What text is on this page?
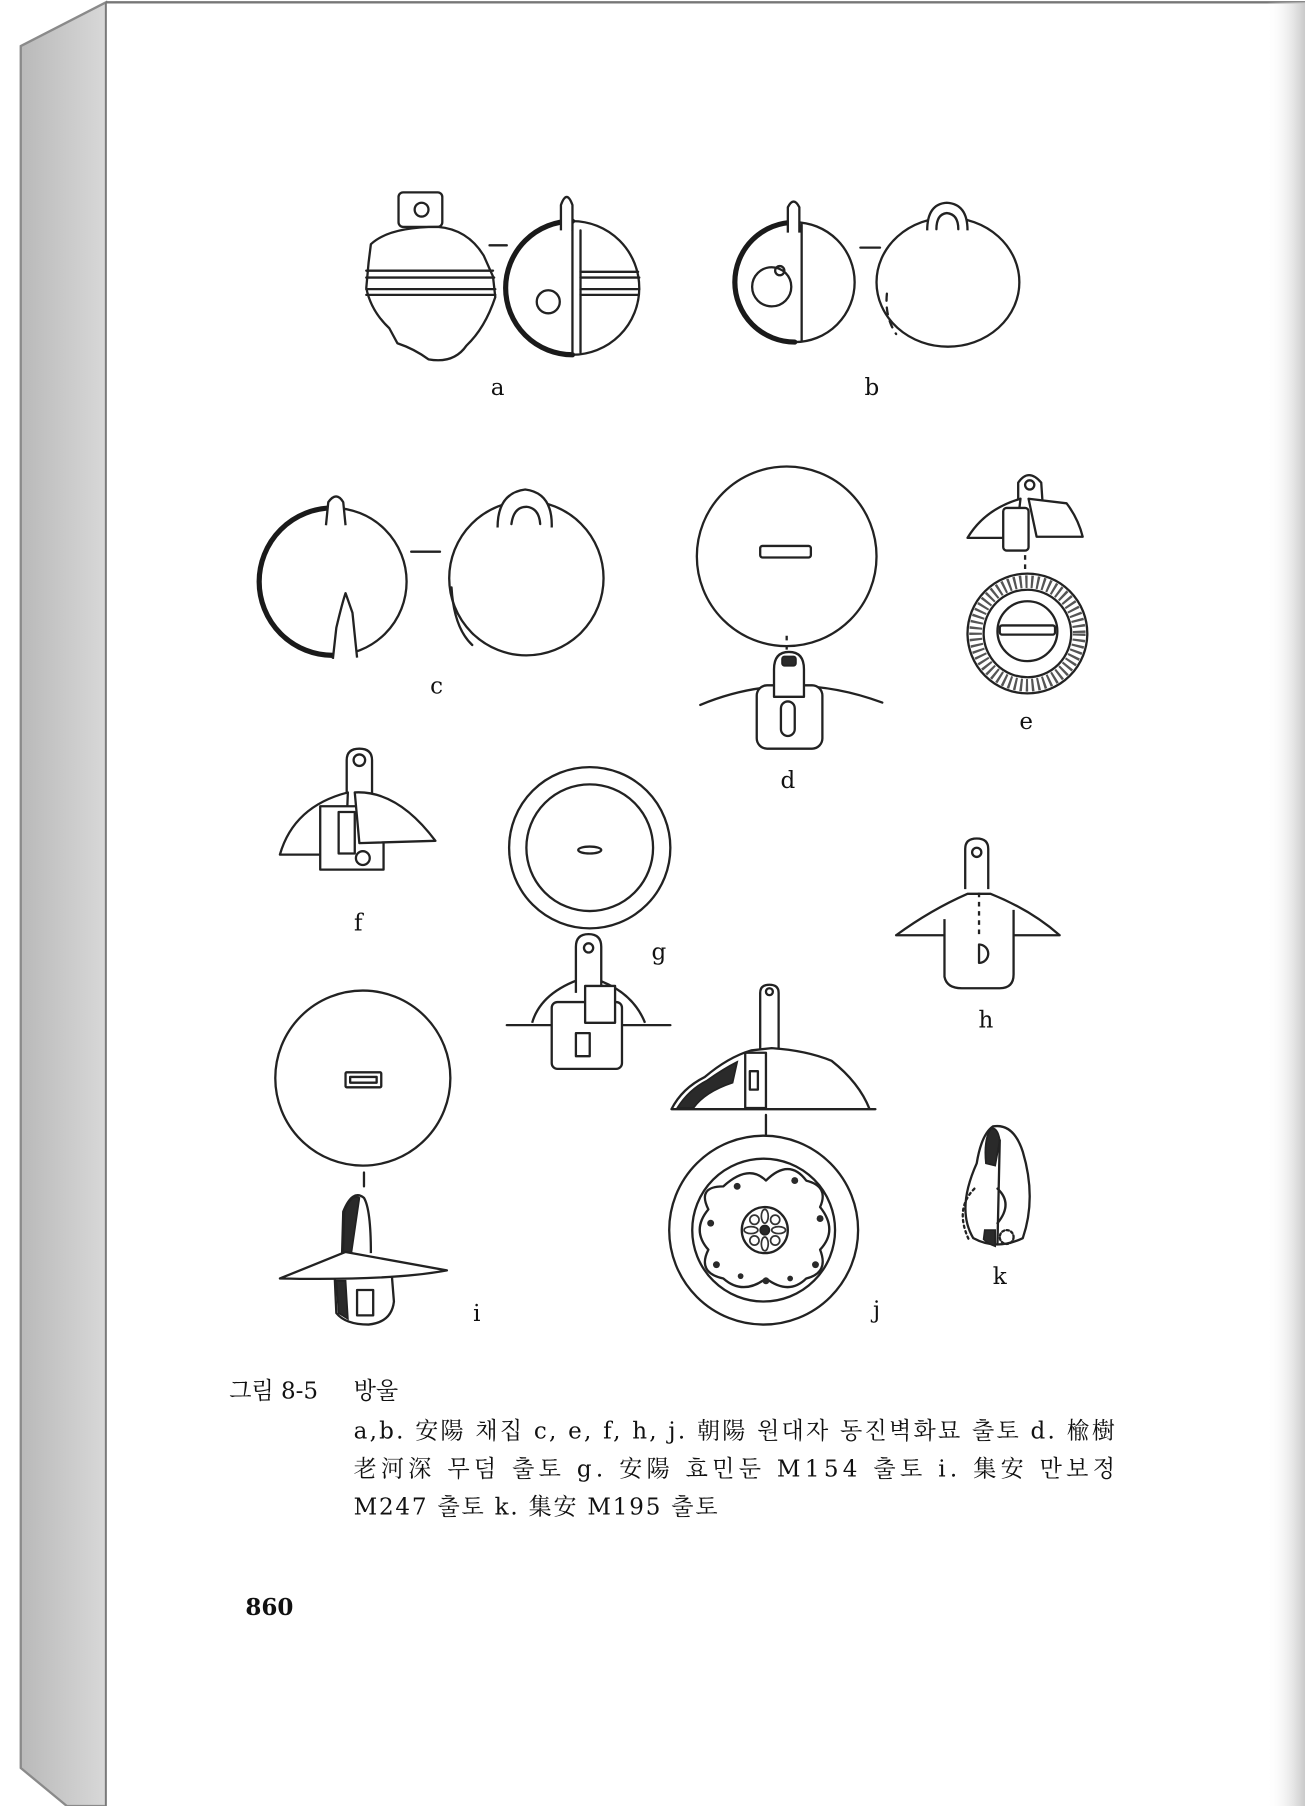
a	b
c
d
e
f
g
h
i	j
k
그림 8-5 방울
a,b. 安陽 채집 c, e, f, h, j. 朝陽 원대자 동진벽화묘 출토 d. 楡樹
老河深 무덤 출토 g. 安陽 효민둔 M154 출토 i. 集安 만보정
M247 출토 k. 集安 M195 출토
860
